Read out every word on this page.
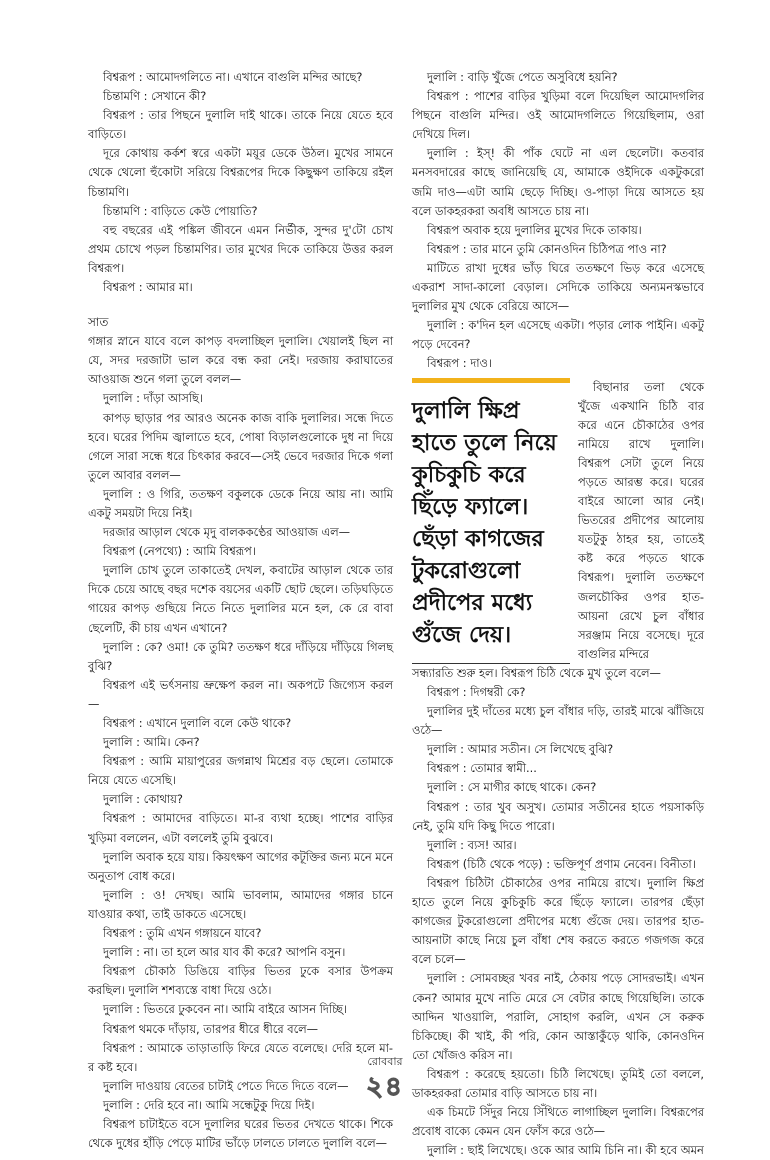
বিশ্বরূপ : আমোদগলিতে না। এখানে বাগুলি মন্দির আছে?

চিন্তামণি : সেখানে কী?

বিশ্বরূপ : তার পিছনে দুলালি দাই থাকে। তাকে নিয়ে যেতে হবে বাড়িতে।

দূরে কোথায় কর্কশ স্বরে একটা ময়ূর ডেকে উঠল। মুখের সামনে থেকে থেলো হুঁকোটা সরিয়ে বিশ্বরূপের দিকে কিছুক্ষণ তাকিয়ে রইল চিন্তামণি।

চিন্তামণি : বাড়িতে কেউ পোয়াতি?

বহু বছরের এই পঙ্কিল জীবনে এমন নির্ভীক, সুন্দর দু'টো চোখ প্রথম চোখে পড়ল চিন্তামণির। তার মুখের দিকে তাকিয়ে উত্তর করল বিশ্বরূপ।

বিশ্বরূপ : আমার মা।

সাত

গঙ্গার স্নানে যাবে বলে কাপড় বদলাচ্ছিল দুলালি। খেয়ালই ছিল না যে, সদর দরজাটা ভাল করে বন্ধ করা নেই। দরজায় করাঘাতের আওয়াজ শুনে গলা তুলে বলল—

দুলালি : দাঁড়া আসছি।

কাপড় ছাড়ার পর আরও অনেক কাজ বাকি দুলালির। সন্ধে দিতে হবে। ঘরের পিদিম জ্বালাতে হবে, পোষা বিড়ালগুলোকে দুধ না দিয়ে গেলে সারা সন্ধে ধরে চিৎকার করবে—সেই ভেবে দরজার দিকে গলা তুলে আবার বলল—

দুলালি : ও গিরি, ততক্ষণ বকুলকে ডেকে নিয়ে আয় না। আমি একটু সময়টা দিয়ে নিই।

দরজার আড়াল থেকে মৃদু বালককণ্ঠের আওয়াজ এল—

বিশ্বরূপ (নেপথ্যে) : আমি বিশ্বরূপ।

দুলালি চোখ তুলে তাকাতেই দেখল, কবাটের আড়াল থেকে তার দিকে চেয়ে আছে বছর দশেক বয়সের একটি ছোট ছেলে। তড়িঘড়িতে গায়ের কাপড় গুছিয়ে নিতে নিতে দুলালির মনে হল, কে রে বাবা ছেলেটি, কী চায় এখন এখানে?

দুলালি : কে? ওমা! কে তুমি? ততক্ষণ ধরে দাঁড়িয়ে দাঁড়িয়ে গিলছ বুঝি?

বিশ্বরূপ এই ভর্ৎসনায় ভ্রুক্ষেপ করল না। অকপটে জিগ্যেস করল—

বিশ্বরূপ : এখানে দুলালি বলে কেউ থাকে?

দুলালি : আমি। কেন?

বিশ্বরূপ : আমি মায়াপুরের জগন্নাথ মিশ্রের বড় ছেলে। তোমাকে নিয়ে যেতে এসেছি।

দুলালি : কোথায়?

বিশ্বরূপ : আমাদের বাড়িতে। মা-র ব্যথা হচ্ছে। পাশের বাড়ির খুড়িমা বললেন, এটা বললেই তুমি বুঝবে।

দুলালি অবাক হয়ে যায়। কিয়ৎক্ষণ আগের কটূক্তির জন্য মনে মনে অনুতাপ বোধ করে।

দুলালি : ও! দেখছ। আমি ভাবলাম, আমাদের গঙ্গার চানে যাওয়ার কথা, তাই ডাকতে এসেছে।

বিশ্বরূপ : তুমি এখন গঙ্গায়নে যাবে?

দুলালি : না। তা হলে আর যাব কী করে? আপনি বসুন।

বিশ্বরূপ চৌকাঠ ডিঙিয়ে বাড়ির ভিতর ঢুকে বসার উপক্রম করছিল। দুলালি শশব্যস্তে বাধা দিয়ে ওঠে।

দুলালি : ভিতরে ঢুকবেন না। আমি বাইরে আসন দিচ্ছি।

বিশ্বরূপ থমকে দাঁড়ায়, তারপর ধীরে ধীরে বলে—

বিশ্বরূপ : আমাকে তাড়াতাড়ি ফিরে যেতে বলেছে। দেরি হলে মা-র কষ্ট হবে।

দুলালি দাওয়ায় বেতের চাটাই পেতে দিতে দিতে বলে—

দুলালি : দেরি হবে না। আমি সন্ধেটুকু দিয়ে দিই।

বিশ্বরূপ চাটাইতে বসে দুলালির ঘরের ভিতর দেখতে থাকে। শিকে থেকে দুধের হাঁড়ি পেড়ে মাটির ভাঁড়ে ঢালতে ঢালতে দুলালি বলে—

দুলালি : বাড়ি খুঁজে পেতে অসুবিধে হয়নি?

বিশ্বরূপ : পাশের বাড়ির খুড়িমা বলে দিয়েছিল আমোদগলির পিছনে বাগুলি মন্দির। ওই আমোদগলিতে গিয়েছিলাম, ওরা দেখিয়ে দিল।

দুলালি : ইস্! কী পাঁক ঘেটে না এল ছেলেটা। কতবার মনসবদারের কাছে জানিয়েছি যে, আমাকে ওইদিকে একটুকরো জমি দাও—এটা আমি ছেড়ে দিচ্ছি। ও-পাড়া দিয়ে আসতে হয় বলে ডাকহরকরা অবধি আসতে চায় না।

বিশ্বরূপ অবাক হয়ে দুলালির মুখের দিকে তাকায়।

বিশ্বরূপ : তার মানে তুমি কোনওদিন চিঠিপত্র পাও না?

মাটিতে রাখা দুধের ভাঁড় ঘিরে ততক্ষণে ভিড় করে এসেছে একরাশ সাদা-কালো বেড়াল। সেদিকে তাকিয়ে অন্যমনস্কভাবে দুলালির মুখ থেকে বেরিয়ে আসে—

দুলালি : ক'দিন হল এসেছে একটা। পড়ার লোক পাইনি। একটু পড়ে দেবেন?

বিশ্বরূপ : দাও।

দুলালি ক্ষিপ্র হাতে তুলে নিয়ে কুচিকুচি করে ছিঁড়ে ফ্যালে। ছেঁড়া কাগজের টুকরোগুলো প্রদীপের মধ্যে গুঁজে দেয়।

বিছানার তলা থেকে খুঁজে একখানি চিঠি বার করে এনে চৌকাঠের ওপর নামিয়ে রাখে দুলালি। বিশ্বরূপ সেটা তুলে নিয়ে পড়তে আরম্ভ করে। ঘরের বাইরে আলো আর নেই। ভিতরের প্রদীপের আলোয় যতটুকু ঠাহর হয়, তাতেই কষ্ট করে পড়তে থাকে বিশ্বরূপ। দুলালি ততক্ষণে জলচৌকির ওপর হাত-আয়না রেখে চুল বাঁধার সরঞ্জাম নিয়ে বসেছে। দূরে বাগুলির মন্দিরে

সন্ধ্যারতি শুরু হল। বিশ্বরূপ চিঠি থেকে মুখ তুলে বলে—

বিশ্বরূপ : দিগম্বরী কে?

দুলালির দুই দাঁতের মধ্যে চুল বাঁধার দড়ি, তারই মাঝে ঝাঁজিয়ে ওঠে—

দুলালি : আমার সতীন। সে লিখেছে বুঝি?

বিশ্বরূপ : তোমার স্বামী...

দুলালি : সে মাগীর কাছে থাকে। কেন?

বিশ্বরূপ : তার খুব অসুখ। তোমার সতীনের হাতে পয়সাকড়ি নেই, তুমি যদি কিছু দিতে পারো।

দুলালি : ব্যস! আর।

বিশ্বরূপ (চিঠি থেকে পড়ে) : ভক্তিপূর্ণ প্রণাম নেবেন। বিনীতা।

বিশ্বরূপ চিঠিটা চৌকাঠের ওপর নামিয়ে রাখে। দুলালি ক্ষিপ্র হাতে তুলে নিয়ে কুচিকুচি করে ছিঁড়ে ফ্যালে। তারপর ছেঁড়া কাগজের টুকরোগুলো প্রদীপের মধ্যে গুঁজে দেয়। তারপর হাত-আয়নাটা কাছে নিয়ে চুল বাঁধা শেষ করতে করতে গজগজ করে বলে চলে—

দুলালি : সোমবচ্ছর খবর নাই, ঠেকায় পড়ে সোদরভাই। এখন কেন? আমার মুখে নাতি মেরে সে বেটার কাছে গিয়েছিলি। তাকে আদ্দিন খাওয়ালি, পরালি, সোহাগ করলি, এখন সে করুক চিকিচ্ছে। কী খাই, কী পরি, কোন আস্তাকুঁড়ে থাকি, কোনওদিন তো খোঁজও করিস না।

বিশ্বরূপ : করেছে হয়তো। চিঠি লিখেছে। তুমিই তো বললে, ডাকহরকরা তোমার বাড়ি আসতে চায় না।

এক চিমটে সিঁদুর নিয়ে সিঁথিতে লাগাচ্ছিল দুলালি। বিশ্বরূপের প্রবোধ বাক্যে কেমন যেন ফোঁস করে ওঠে—

দুলালি : ছাই লিখেছে। ওকে আর আমি চিনি না। কী হবে অমন

রোববার
২৪
